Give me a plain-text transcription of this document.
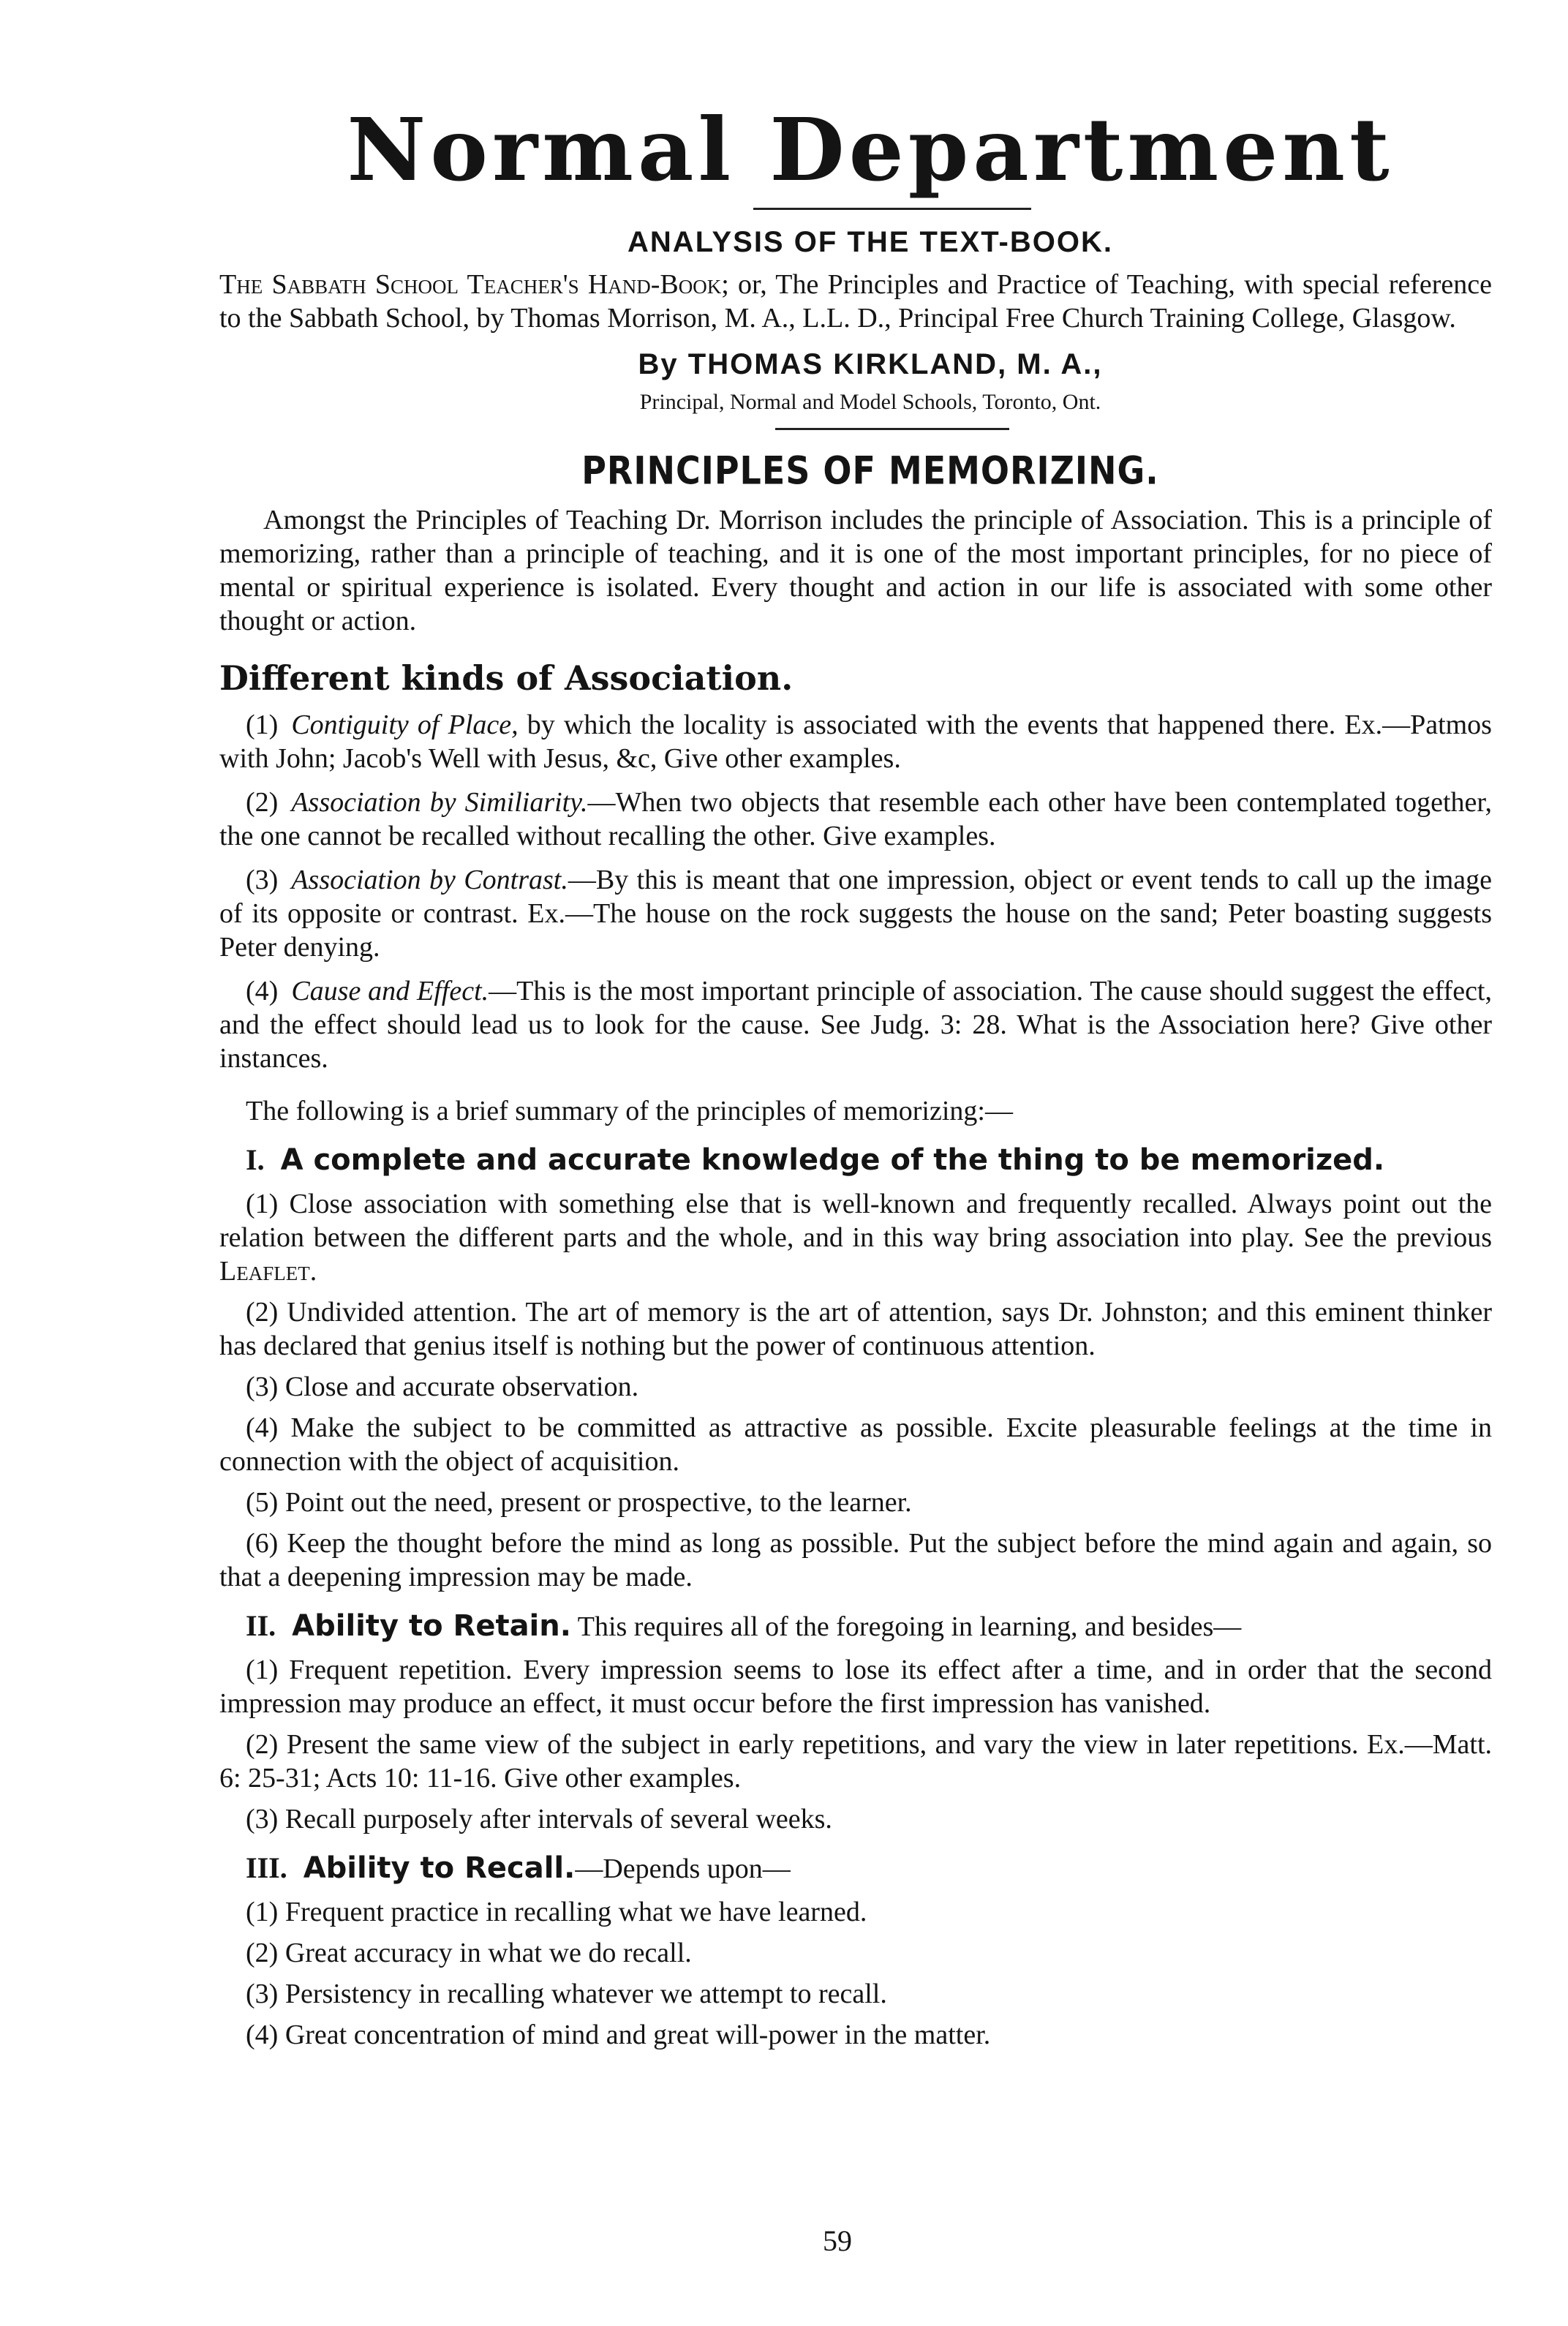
Normal Department
ANALYSIS OF THE TEXT-BOOK.

The Sabbath School Teacher's Hand-Book; or, The Principles and Practice of Teaching, with special reference to the Sabbath School, by Thomas Morrison, M. A., L.L. D., Principal Free Church Training College, Glasgow.

By THOMAS KIRKLAND, M. A.,
Principal, Normal and Model Schools, Toronto, Ont.
PRINCIPLES OF MEMORIZING.

Amongst the Principles of Teaching Dr. Morrison includes the principle of Association. This is a principle of memorizing, rather than a principle of teaching, and it is one of the most important principles, for no piece of mental or spiritual experience is isolated. Every thought and action in our life is associated with some other thought or action.

Different kinds of Association.

(1) Contiguity of Place, by which the locality is associated with the events that happened there. Ex.—Patmos with John; Jacob's Well with Jesus, &c, Give other examples.

(2) Association by Similiarity.—When two objects that resemble each other have been contemplated together, the one cannot be recalled without recalling the other. Give examples.

(3) Association by Contrast.—By this is meant that one impression, object or event tends to call up the image of its opposite or contrast. Ex.—The house on the rock suggests the house on the sand; Peter boasting suggests Peter denying.

(4) Cause and Effect.—This is the most important principle of association. The cause should suggest the effect, and the effect should lead us to look for the cause. See Judg. 3: 28. What is the Association here? Give other instances.

The following is a brief summary of the principles of memorizing:—

I. A complete and accurate knowledge of the thing to be memorized.

(1) Close association with something else that is well-known and frequently recalled. Always point out the relation between the different parts and the whole, and in this way bring association into play. See the previous Leaflet.

(2) Undivided attention. The art of memory is the art of attention, says Dr. Johnston; and this eminent thinker has declared that genius itself is nothing but the power of continuous attention.

(3) Close and accurate observation.

(4) Make the subject to be committed as attractive as possible. Excite pleasurable feelings at the time in connection with the object of acquisition.

(5) Point out the need, present or prospective, to the learner.

(6) Keep the thought before the mind as long as possible. Put the subject before the mind again and again, so that a deepening impression may be made.

II. Ability to Retain. This requires all of the foregoing in learning, and besides—

(1) Frequent repetition. Every impression seems to lose its effect after a time, and in order that the second impression may produce an effect, it must occur before the first impression has vanished.

(2) Present the same view of the subject in early repetitions, and vary the view in later repetitions. Ex.—Matt. 6: 25-31; Acts 10: 11-16. Give other examples.

(3) Recall purposely after intervals of several weeks.

III. Ability to Recall.—Depends upon—

(1) Frequent practice in recalling what we have learned.

(2) Great accuracy in what we do recall.

(3) Persistency in recalling whatever we attempt to recall.

(4) Great concentration of mind and great will-power in the matter.

59
